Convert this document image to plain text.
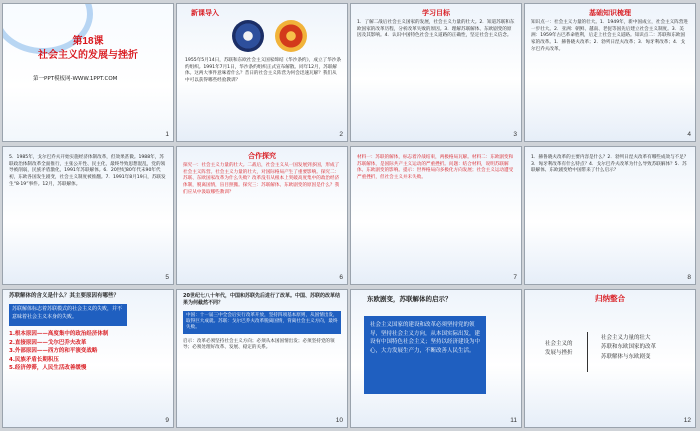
第18课
社会主义的发展与挫折
第一PPT模板网-WWW.1PPT.COM
1
新课导入
1955年5月14日，苏联和东欧社会主义国家缔结《华沙条约》，成立了华沙条约组织。1991年7月1日，华沙条约组织正式宣布解散。同年12月，苏联解体。这两大事件意味着什么？昔日的社会主义阵营为何会迅速瓦解？我们从中可以获得哪些经验教训？
2
学习目标
1．了解二战后社会主义国家的发展，社会主义力量的壮大。2．知道苏联和东欧国家的改革历程，分析改革失败的原因。3．理解苏联解体、东欧剧变的原因及其影响。4．认识中国特色社会主义道路的正确性，坚定社会主义信念。
3
基础知识梳理
知识点一：社会主义力量的壮大。1．1949年，新中国成立，社会主义阵营进一步壮大。2．亚洲：朝鲜、越南、老挝等国先后建立社会主义制度。3．美洲：1959年古巴革命胜利，后走上社会主义道路。知识点二：苏联和东欧国家的改革。1．赫鲁晓夫改革；2．勃列日涅夫改革；3．匈牙利改革；4．戈尔巴乔夫改革。
4
5．1985年，戈尔巴乔夫开始实施经济体制改革，但效果甚微。1988年，苏联政治体制改革全面推行，主张公开性、民主化，最终导致思想混乱，党的领导被削弱，民族矛盾激化，1991年苏联解体。6．20世纪80年代末90年代初，东欧各国发生剧变，社会主义制度被推翻。7．1991年8月19日，苏联发生“8·19”事件。12月，苏联解体。
5
合作探究
探究一：社会主义力量的壮大。二战后，社会主义从一国发展到多国，形成了社会主义阵营。社会主义力量的壮大，对国际格局产生了重要影响。探究二：苏联、东欧国家改革为什么失败？改革没有从根本上突破高度集中的政治经济体制，脱离国情，盲目照搬。探究三：苏联解体、东欧剧变的原因是什么？我们应从中汲取哪些教训？
6
材料一：苏联的解体，标志着冷战结束，两极格局瓦解。材料二：东欧剧变和苏联解体，是国际共产主义运动的严重挫折。问题：结合材料，说明苏联解体、东欧剧变的影响。提示：世界格局向多极化方向发展；社会主义运动遭受严重挫折，但社会主义并未失败。
7
1．赫鲁晓夫改革的主要内容是什么？2．勃列日涅夫改革有哪些成效与不足？3．匈牙利改革有什么特点？4．戈尔巴乔夫改革为什么导致苏联解体？5．苏联解体、东欧剧变给中国带来了什么启示？
8
苏联解体的含义是什么？其主要原因有哪些？
苏联解体标志着苏联模式的社会主义的失败，并不意味着社会主义本身的失败。

1.根本原因——高度集中的政治经济体制

2.直接原因——戈尔巴乔夫改革

3.外部原因——西方的和平演变战略

4.民族矛盾长期积压

5.经济停滞，人民生活改善缓慢

9
20世纪七八十年代，中国和苏联先后进行了改革。中国、苏联的改革结果为何截然不同？
中国：十一届三中全会后实行改革开放，坚持四项基本原则，从国情出发，取得巨大成就。苏联：戈尔巴乔夫改革脱离国情，背离社会主义方向，最终失败。
启示：改革必须坚持社会主义方向；必须从本国国情出发；必须坚持党的领导；必须处理好改革、发展、稳定的关系。
10
东欧剧变，苏联解体的启示？
社会主义国家的建设和改革必须坚持党的领导，坚持社会主义方向，从本国实际出发，建设有中国特色社会主义；坚持以经济建设为中心，大力发展生产力，不断改善人民生活。
11
归纳整合
社会主义的
发展与挫折
社会主义力量的壮大
苏联和东欧国家的改革
苏联解体与东欧剧变
12
